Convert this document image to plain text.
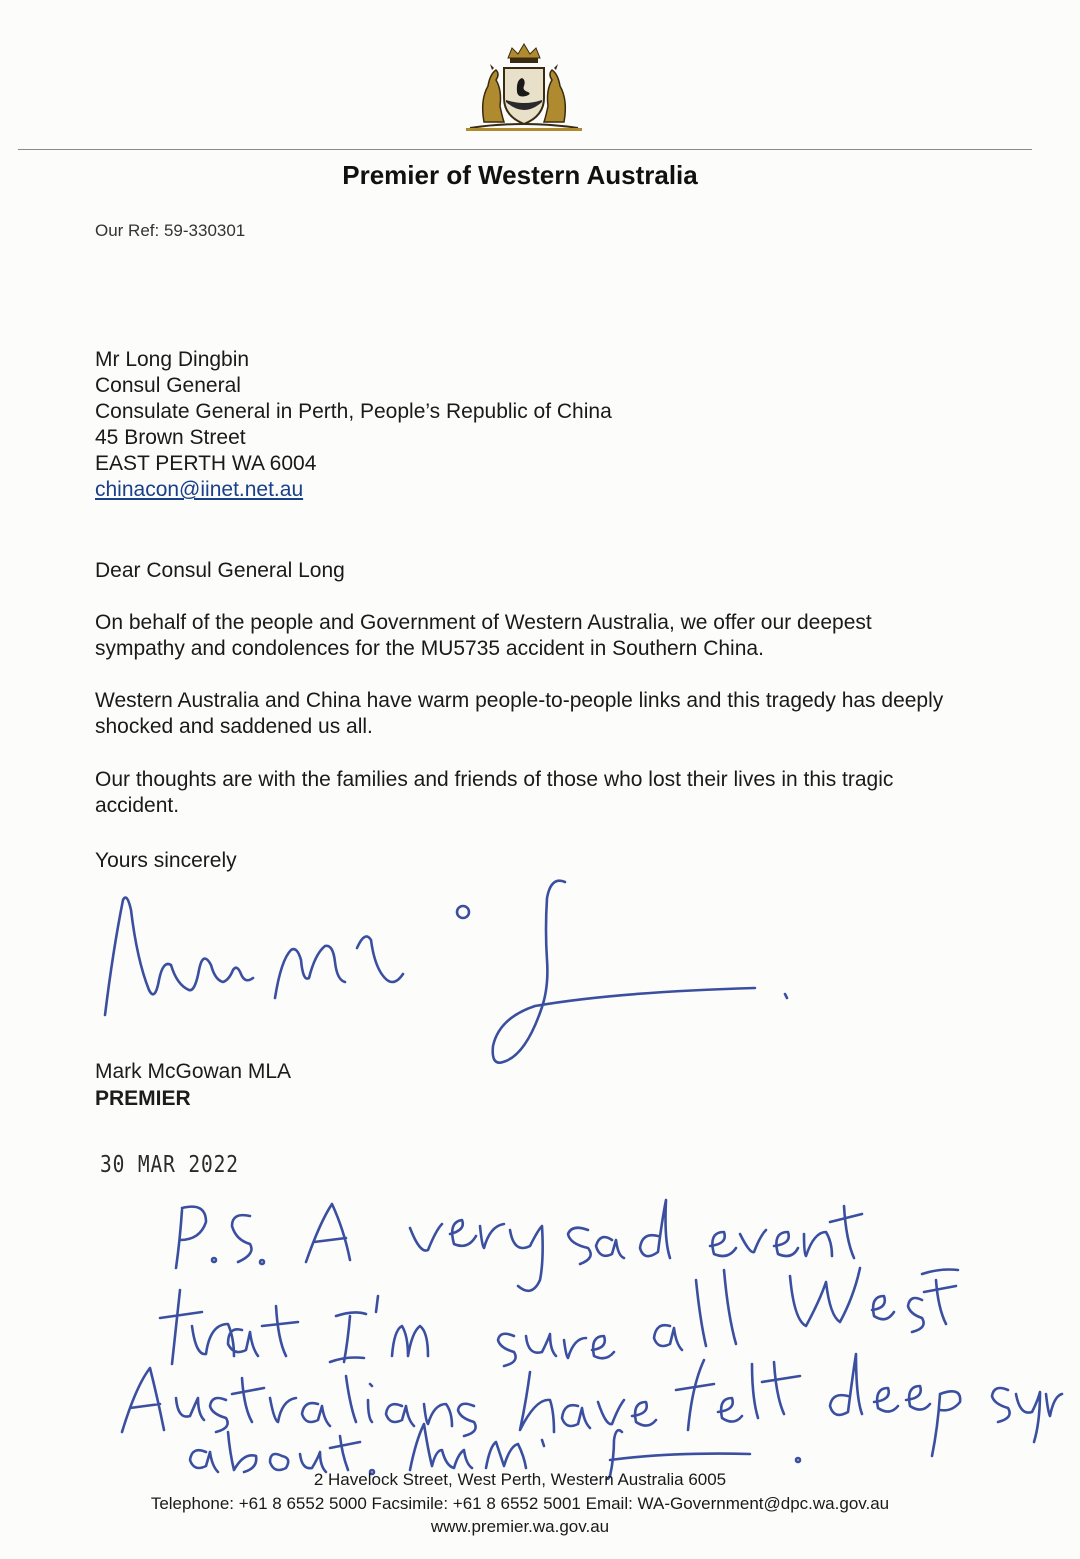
Premier of Western Australia
Our Ref: 59-330301
Mr Long Dingbin
Consul General
Consulate General in Perth, People’s Republic of China
45 Brown Street
EAST PERTH WA 6004
chinacon@iinet.net.au
Dear Consul General Long
On behalf of the people and Government of Western Australia, we offer our deepest sympathy and condolences for the MU5735 accident in Southern China.
Western Australia and China have warm people-to-people links and this tragedy has deeply shocked and saddened us all.
Our thoughts are with the families and friends of those who lost their lives in this tragic accident.
Yours sincerely
Mark McGowan MLA
PREMIER
30 MAR 2022
2 Havelock Street, West Perth, Western Australia 6005
Telephone: +61 8 6552 5000 Facsimile: +61 8 6552 5001 Email: WA-Government@dpc.wa.gov.au
www.premier.wa.gov.au
